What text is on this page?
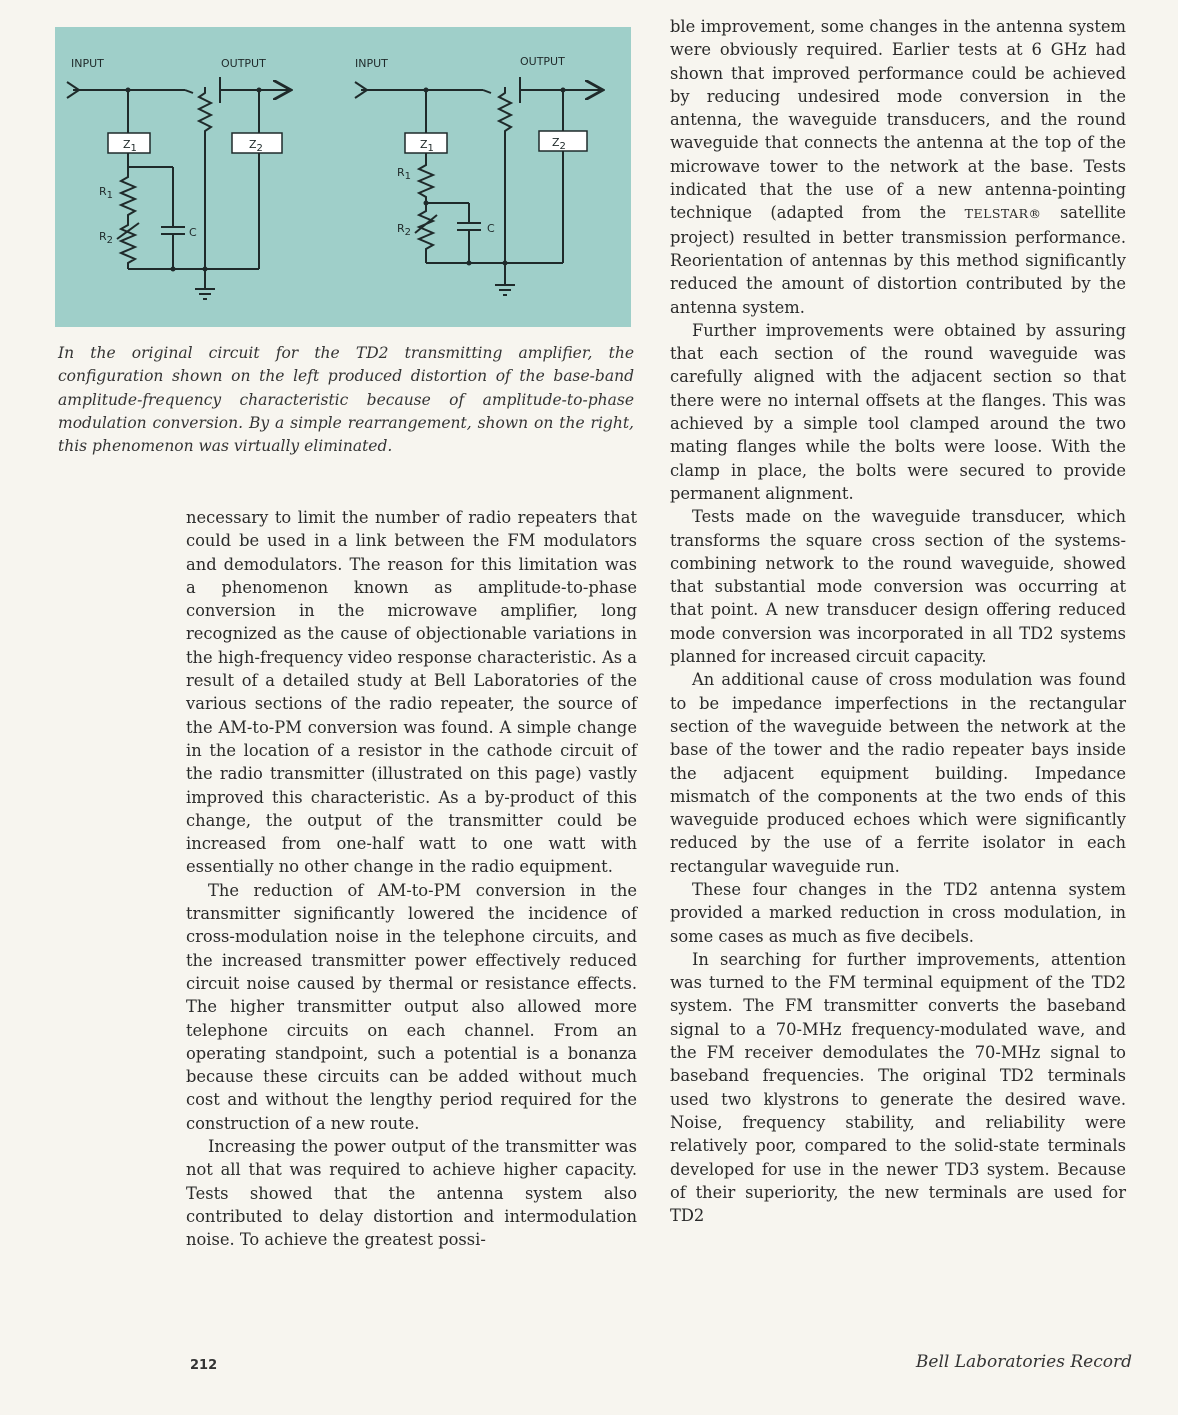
INPUT	OUTPUT
Z1	Z2
R1
R2
C
INPUT	OUTPUT
Z1	Z2
R1
R2	C
In the original circuit for the TD2 transmitting amplifier, the configuration shown on the left produced distortion of the base-band amplitude-frequency characteristic because of amplitude-to-phase modulation conversion. By a simple rearrangement, shown on the right, this phenomenon was virtually eliminated.

necessary to limit the number of radio repeaters that could be used in a link between the FM modulators and demodulators. The reason for this limitation was a phenomenon known as amplitude-to-phase conversion in the microwave amplifier, long recognized as the cause of objectionable variations in the high-frequency video response characteristic. As a result of a detailed study at Bell Laboratories of the various sections of the radio repeater, the source of the AM-to-PM conversion was found. A simple change in the location of a resistor in the cathode circuit of the radio transmitter (illustrated on this page) vastly improved this characteristic. As a by-product of this change, the output of the transmitter could be increased from one-half watt to one watt with essentially no other change in the radio equipment.

The reduction of AM-to-PM conversion in the transmitter significantly lowered the incidence of cross-modulation noise in the telephone circuits, and the increased transmitter power effectively reduced circuit noise caused by thermal or resistance effects. The higher transmitter output also allowed more telephone circuits on each channel. From an operating standpoint, such a potential is a bonanza because these circuits can be added without much cost and without the lengthy period required for the construction of a new route.

Increasing the power output of the transmitter was not all that was required to achieve higher capacity. Tests showed that the antenna system also contributed to delay distortion and intermodulation noise. To achieve the greatest possi-

ble improvement, some changes in the antenna system were obviously required. Earlier tests at 6 GHz had shown that improved performance could be achieved by reducing undesired mode conversion in the antenna, the waveguide transducers, and the round waveguide that connects the antenna at the top of the microwave tower to the network at the base. Tests indicated that the use of a new antenna-pointing technique (adapted from the TELSTAR® satellite project) resulted in better transmission performance. Reorientation of antennas by this method significantly reduced the amount of distortion contributed by the antenna system.

Further improvements were obtained by assuring that each section of the round waveguide was carefully aligned with the adjacent section so that there were no internal offsets at the flanges. This was achieved by a simple tool clamped around the two mating flanges while the bolts were loose. With the clamp in place, the bolts were secured to provide permanent alignment.

Tests made on the waveguide transducer, which transforms the square cross section of the systems-combining network to the round waveguide, showed that substantial mode conversion was occurring at that point. A new transducer design offering reduced mode conversion was incorporated in all TD2 systems planned for increased circuit capacity.

An additional cause of cross modulation was found to be impedance imperfections in the rectangular section of the waveguide between the network at the base of the tower and the radio repeater bays inside the adjacent equipment building. Impedance mismatch of the components at the two ends of this waveguide produced echoes which were significantly reduced by the use of a ferrite isolator in each rectangular waveguide run.

These four changes in the TD2 antenna system provided a marked reduction in cross modulation, in some cases as much as five decibels.

In searching for further improvements, attention was turned to the FM terminal equipment of the TD2 system. The FM transmitter converts the baseband signal to a 70-MHz frequency-modulated wave, and the FM receiver demodulates the 70-MHz signal to baseband frequencies. The original TD2 terminals used two klystrons to generate the desired wave. Noise, frequency stability, and reliability were relatively poor, compared to the solid-state terminals developed for use in the newer TD3 system. Because of their superiority, the new terminals are used for TD2

212	Bell Laboratories Record
